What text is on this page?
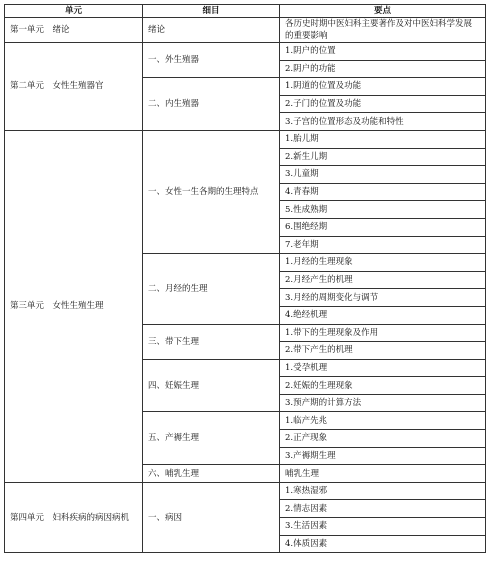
单元	细目	要点
第一单元　绪论	绪论	各历史时期中医妇科主要著作及对中医妇科学发展的重要影响
第二单元　女性生殖器官	一、外生殖器	1.阴户的位置
		2.阴户的功能
	二、内生殖器	1.阴道的位置及功能
		2.子门的位置及功能
		3.子宫的位置形态及功能和特性
第三单元　女性生殖生理	一、女性一生各期的生理特点	1.胎儿期
		2.新生儿期
		3.儿童期
		4.青春期
		5.性成熟期
		6.围绝经期
		7.老年期
	二、月经的生理	1.月经的生理现象
		2.月经产生的机理
		3.月经的周期变化与调节
		4.绝经机理
	三、带下生理	1.带下的生理现象及作用
		2.带下产生的机理
	四、妊娠生理	1.受孕机理
		2.妊娠的生理现象
		3.预产期的计算方法
	五、产褥生理	1.临产先兆
		2.正产现象
		3.产褥期生理
	六、哺乳生理	哺乳生理
第四单元　妇科疾病的病因病机	一、病因	1.寒热湿邪
		2.情志因素
		3.生活因素
		4.体质因素
